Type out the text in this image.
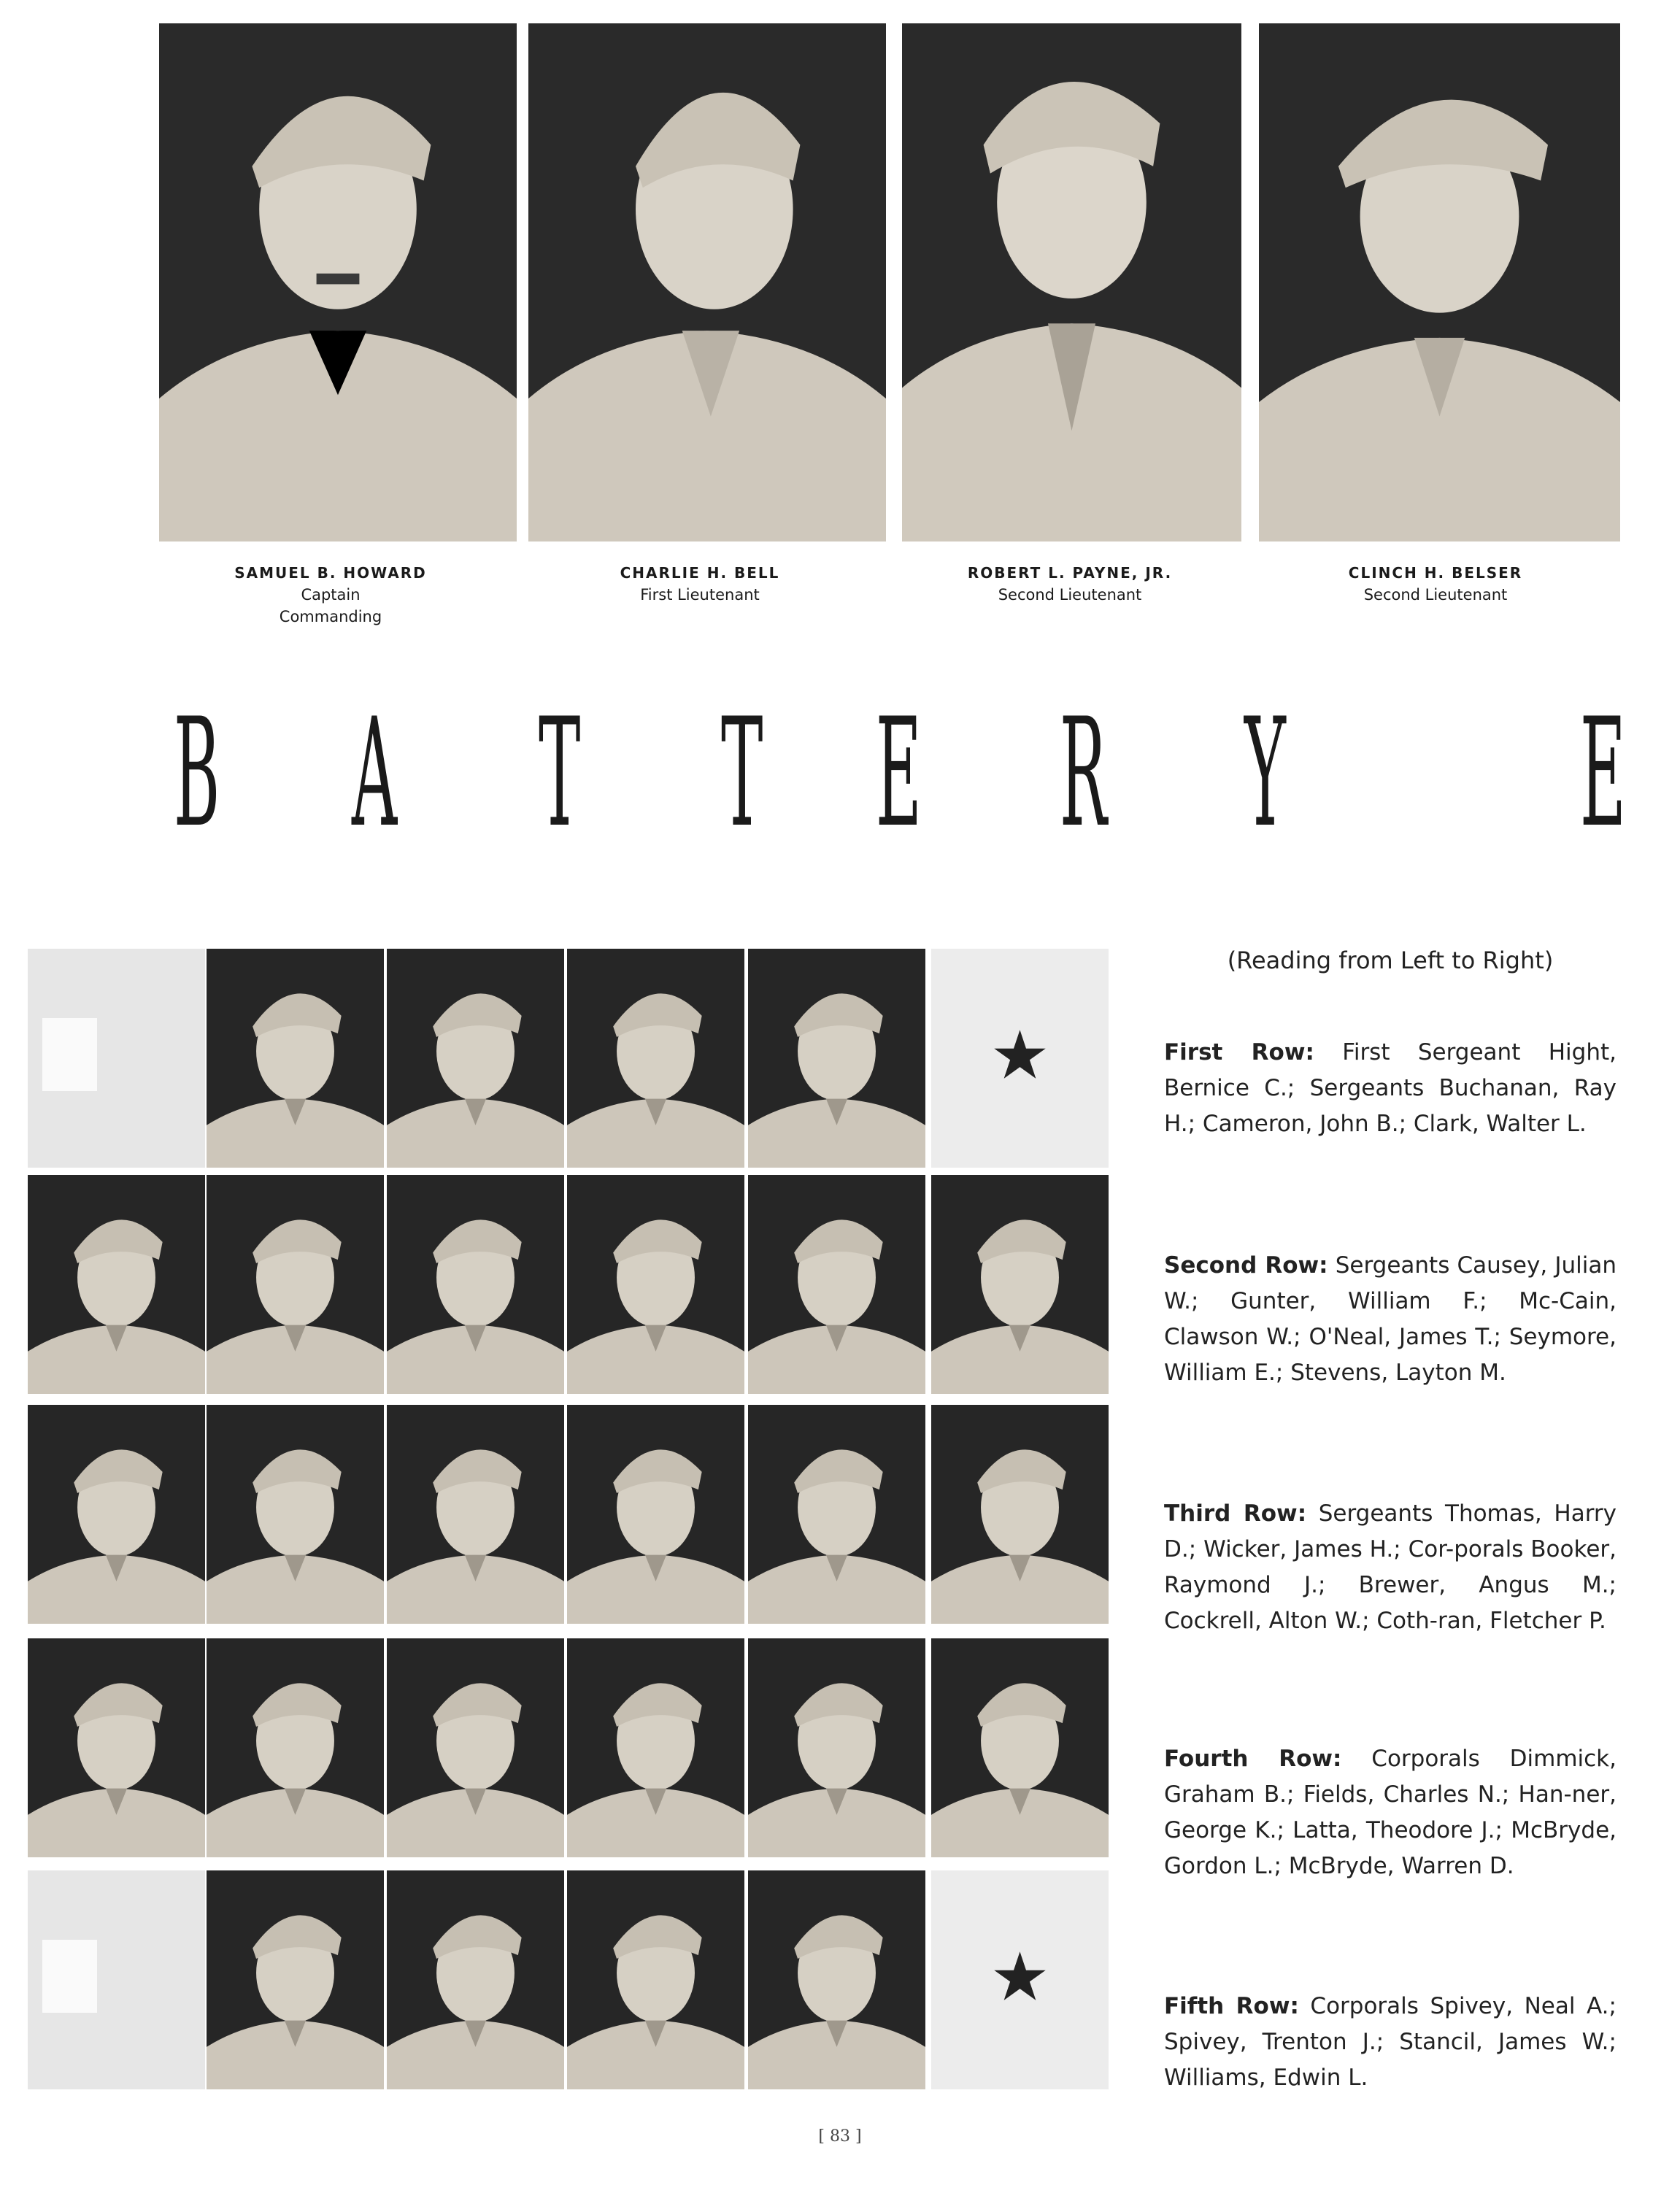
SAMUEL B. HOWARD
Captain
Commanding
CHARLIE H. BELL
First Lieutenant
ROBERT L. PAYNE, JR.
Second Lieutenant
CLINCH H. BELSER
Second Lieutenant
B A T T E R Y E
(Reading from Left to Right)
First Row: First Sergeant Hight, Bernice C.; Sergeants Buchanan, Ray H.; Cameron, John B.; Clark, Walter L.
Second Row: Sergeants Causey, Julian W.; Gunter, William F.; Mc-Cain, Clawson W.; O'Neal, James T.; Seymore, William E.; Stevens, Layton M.
Third Row: Sergeants Thomas, Harry D.; Wicker, James H.; Cor-porals Booker, Raymond J.; Brewer, Angus M.; Cockrell, Alton W.; Coth-ran, Fletcher P.
Fourth Row: Corporals Dimmick, Graham B.; Fields, Charles N.; Han-ner, George K.; Latta, Theodore J.; McBryde, Gordon L.; McBryde, Warren D.
Fifth Row: Corporals Spivey, Neal A.; Spivey, Trenton J.; Stancil, James W.; Williams, Edwin L.
[ 83 ]
